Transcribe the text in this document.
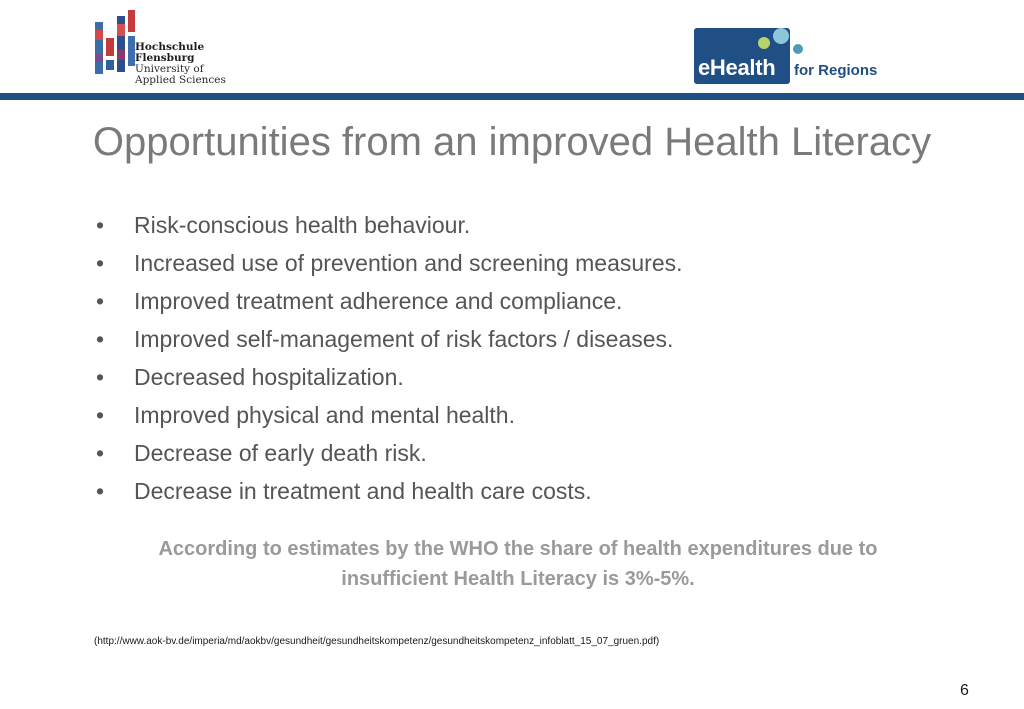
Hochschule
Flensburg
University of
Applied Sciences	eHealth for Regions
Opportunities from an improved Health Literacy
• Risk-conscious health behaviour.
• Increased use of prevention and screening measures.
• Improved treatment adherence and compliance.
• Improved self-management of risk factors / diseases.
• Decreased hospitalization.
• Improved physical and mental health.
• Decrease of early death risk.
• Decrease in treatment and health care costs.
According to estimates by the WHO the share of health expenditures due to
insufficient Health Literacy is 3%-5%.
(http://www.aok-bv.de/imperia/md/aokbv/gesundheit/gesundheitskompetenz/gesundheitskompetenz_infoblatt_15_07_gruen.pdf)
6
